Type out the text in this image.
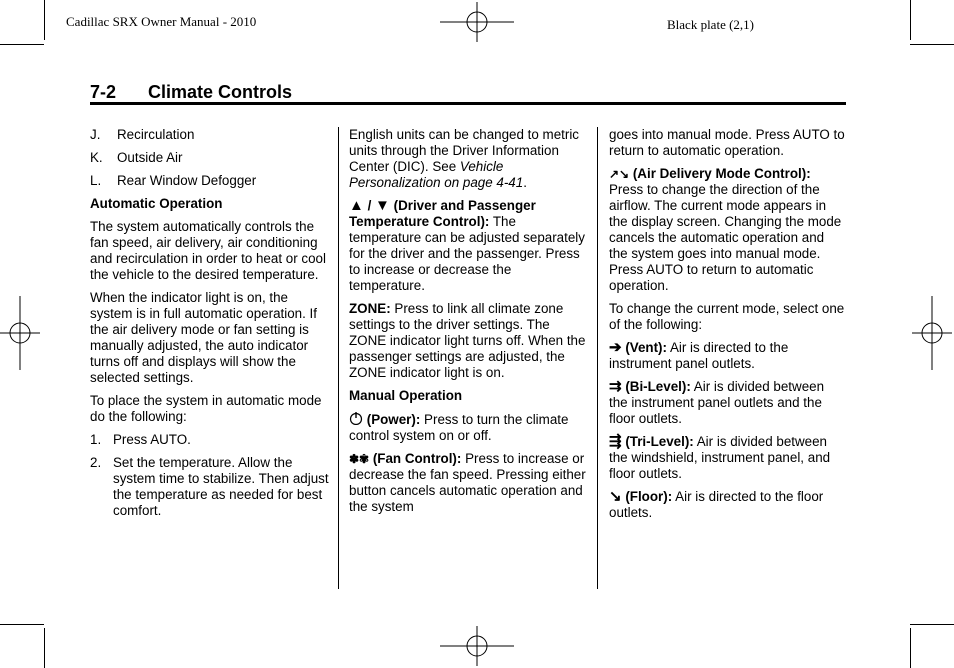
Cadillac SRX Owner Manual - 2010	Black plate (2,1)
7-2 Climate Controls
J.	Recirculation
K.	Outside Air
L.	Rear Window Defogger

Automatic Operation

The system automatically controls the fan speed, air delivery, air conditioning and recirculation in order to heat or cool the vehicle to the desired temperature.

When the indicator light is on, the system is in full automatic operation. If the air delivery mode or fan setting is manually adjusted, the auto indicator turns off and displays will show the selected settings.

To place the system in automatic mode do the following:

1. Press AUTO.
2. Set the temperature. Allow the system time to stabilize. Then adjust the temperature as needed for best comfort.

English units can be changed to metric units through the Driver Information Center (DIC). See Vehicle Personalization on page 4-41.

▲ / ▼ (Driver and Passenger Temperature Control): The temperature can be adjusted separately for the driver and the passenger. Press to increase or decrease the temperature.

ZONE: Press to link all climate zone settings to the driver settings. The ZONE indicator light turns off. When the passenger settings are adjusted, the ZONE indicator light is on.

Manual Operation

(Power): Press to turn the climate control system on or off.

✽✾ (Fan Control): Press to increase or decrease the fan speed. Pressing either button cancels automatic operation and the system

goes into manual mode. Press AUTO to return to automatic operation.

↗↘ (Air Delivery Mode Control): Press to change the direction of the airflow. The current mode appears in the display screen. Changing the mode cancels the automatic operation and the system goes into manual mode. Press AUTO to return to automatic operation.

To change the current mode, select one of the following:

➔ (Vent): Air is directed to the instrument panel outlets.

⇉ (Bi-Level): Air is divided between the instrument panel outlets and the floor outlets.

⇶ (Tri-Level): Air is divided between the windshield, instrument panel, and floor outlets.

↘ (Floor): Air is directed to the floor outlets.
